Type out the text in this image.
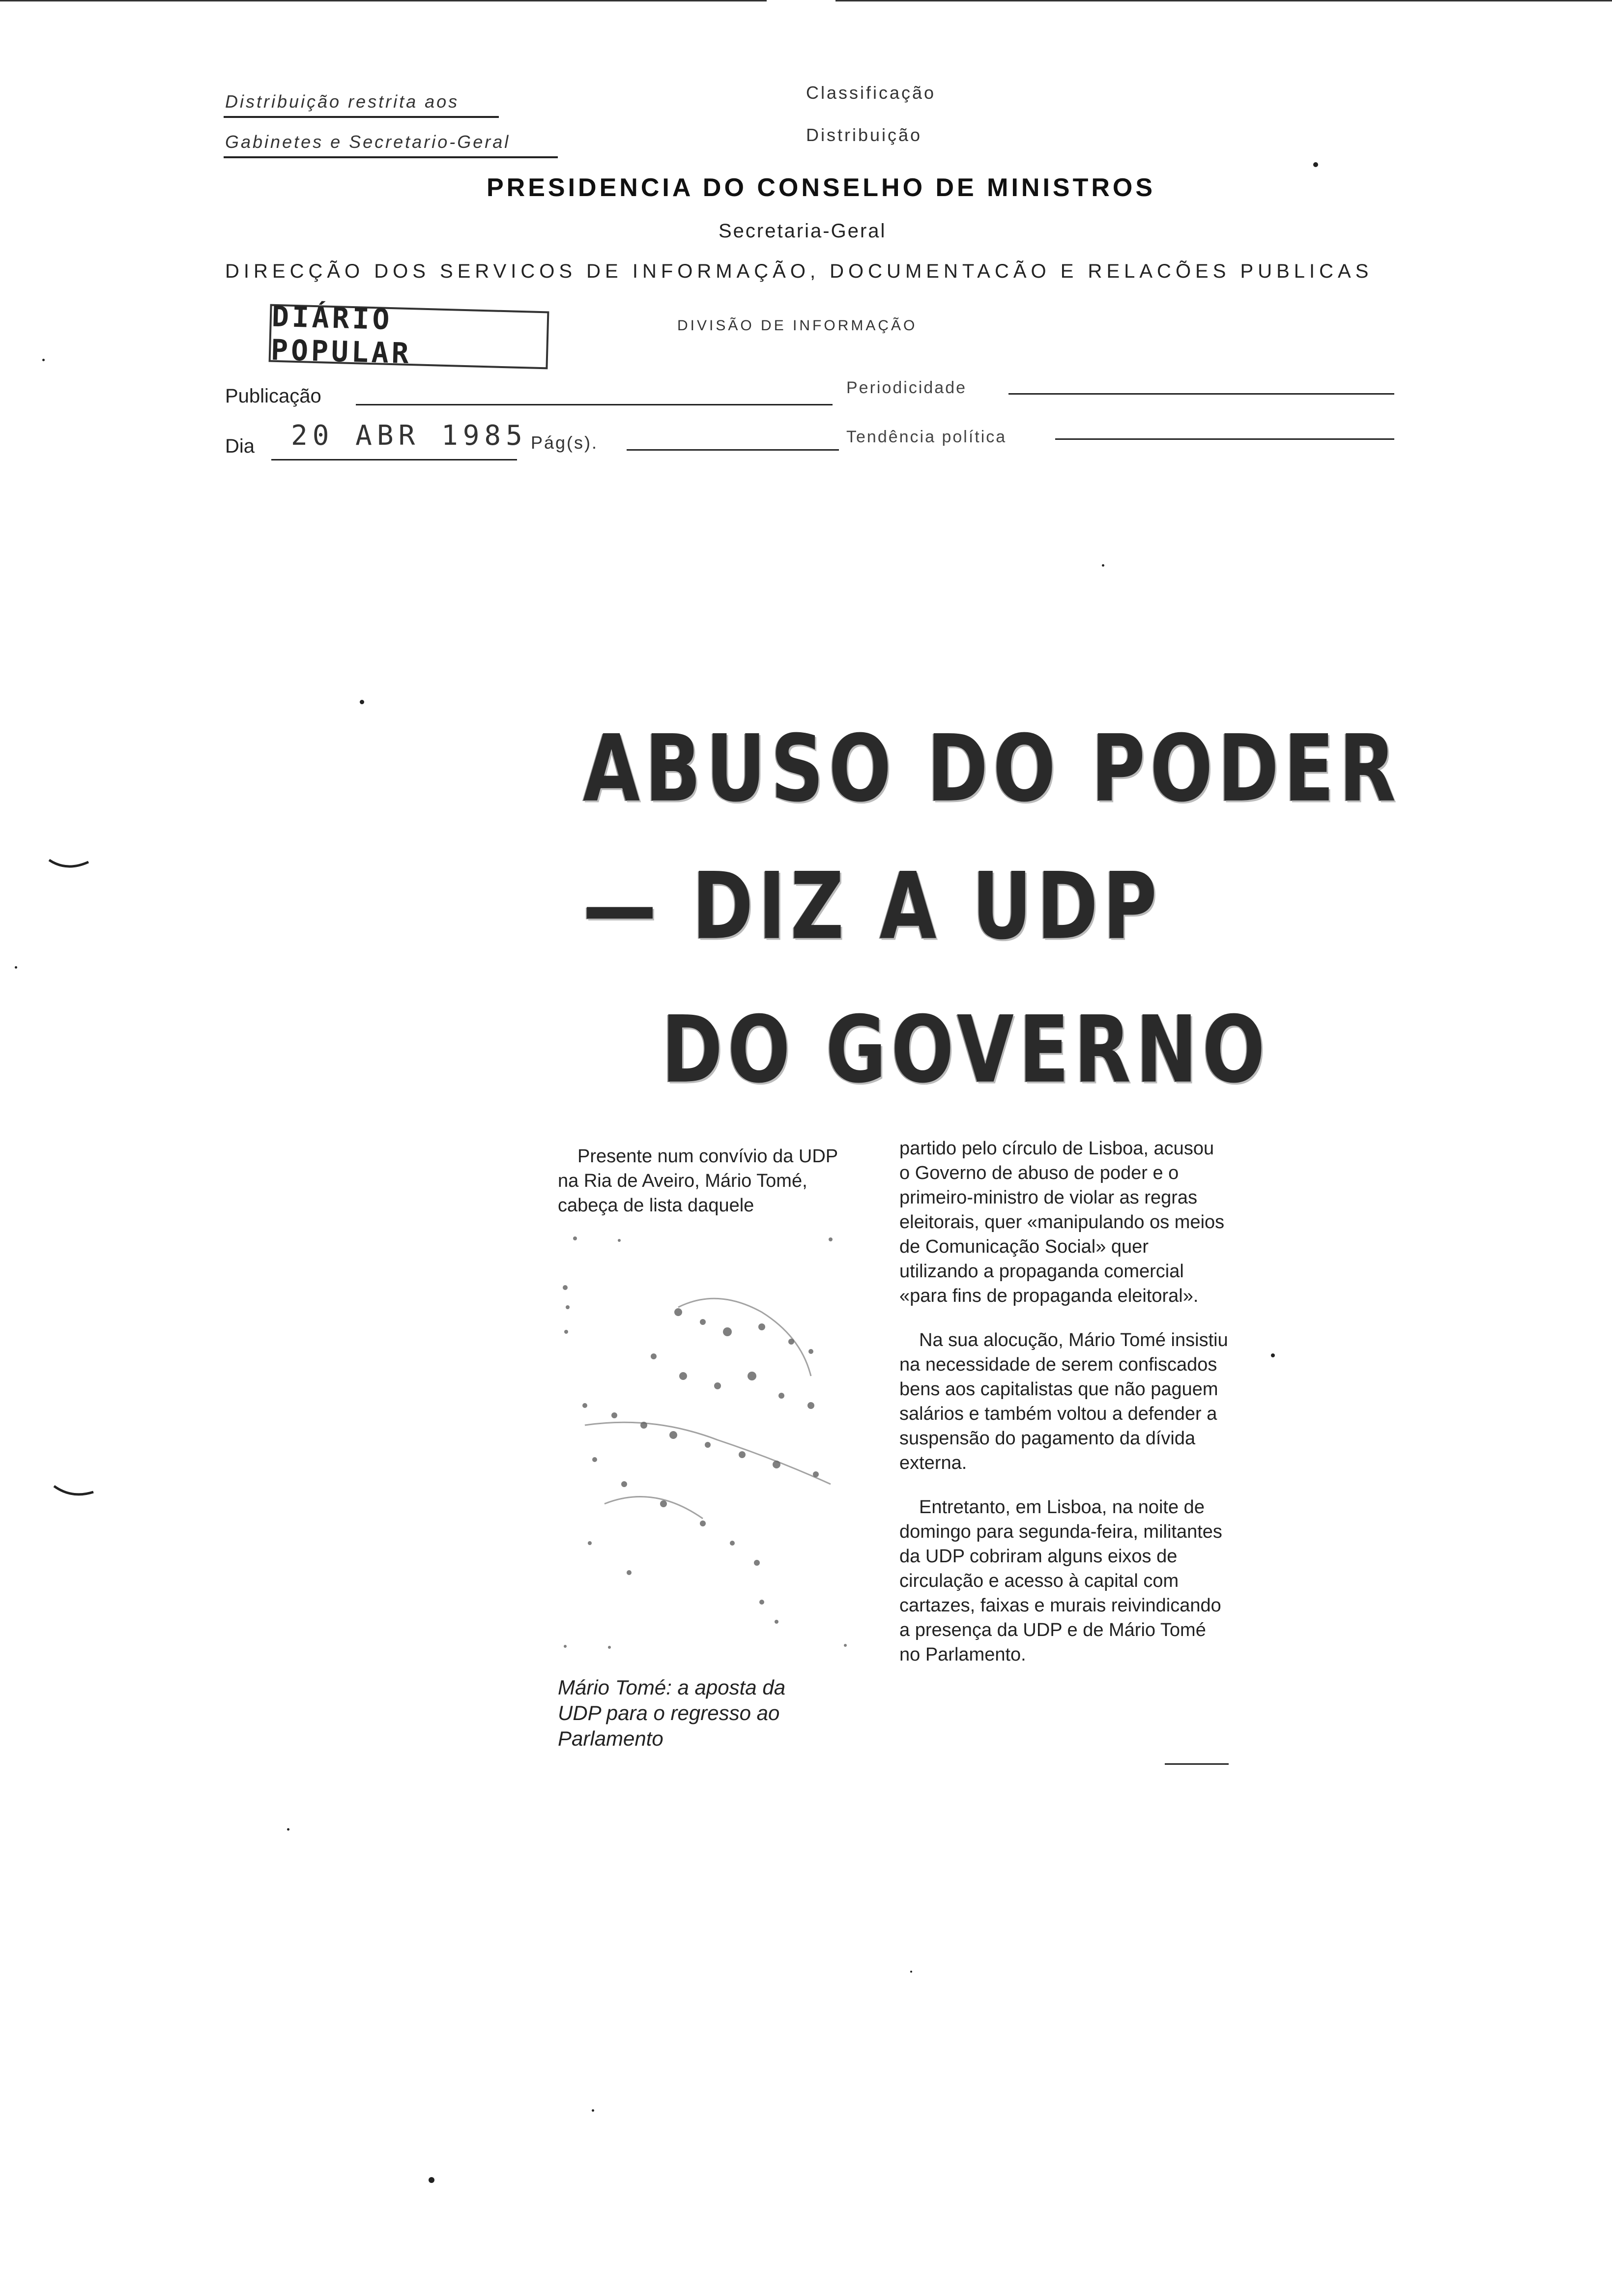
Distribuição restrita aos
Gabinetes e Secretario-Geral
Classificação
Distribuição
PRESIDENCIA DO CONSELHO DE MINISTROS
Secretaria-Geral
DIRECÇÃO DOS SERVICOS DE INFORMAÇÃO, DOCUMENTACÃO E RELACÕES PUBLICAS
DIVISÃO DE INFORMAÇÃO
DIÁRIO POPULAR
Publicação	Periodicidade
Dia 20 ABR 1985 Pág(s).	Tendência política
ABUSO DO PODER
— DIZ A UDP
DO GOVERNO

Presente num convívio da UDP na Ria de Aveiro, Mário Tomé, cabeça de lista daquele

Mário Tomé: a aposta da UDP para o regresso ao Parlamento

partido pelo círculo de Lisboa, acusou o Governo de abuso de poder e o primeiro-ministro de violar as regras eleitorais, quer «manipulando os meios de Comunicação Social» quer utilizando a propaganda comercial «para fins de propaganda eleitoral».

Na sua alocução, Mário Tomé insistiu na necessidade de serem confiscados bens aos capitalistas que não paguem salários e também voltou a defender a suspensão do pagamento da dívida externa.

Entretanto, em Lisboa, na noite de domingo para segunda-feira, militantes da UDP cobriram alguns eixos de circulação e acesso à capital com cartazes, faixas e murais reivindicando a presença da UDP e de Mário Tomé no Parlamento.
